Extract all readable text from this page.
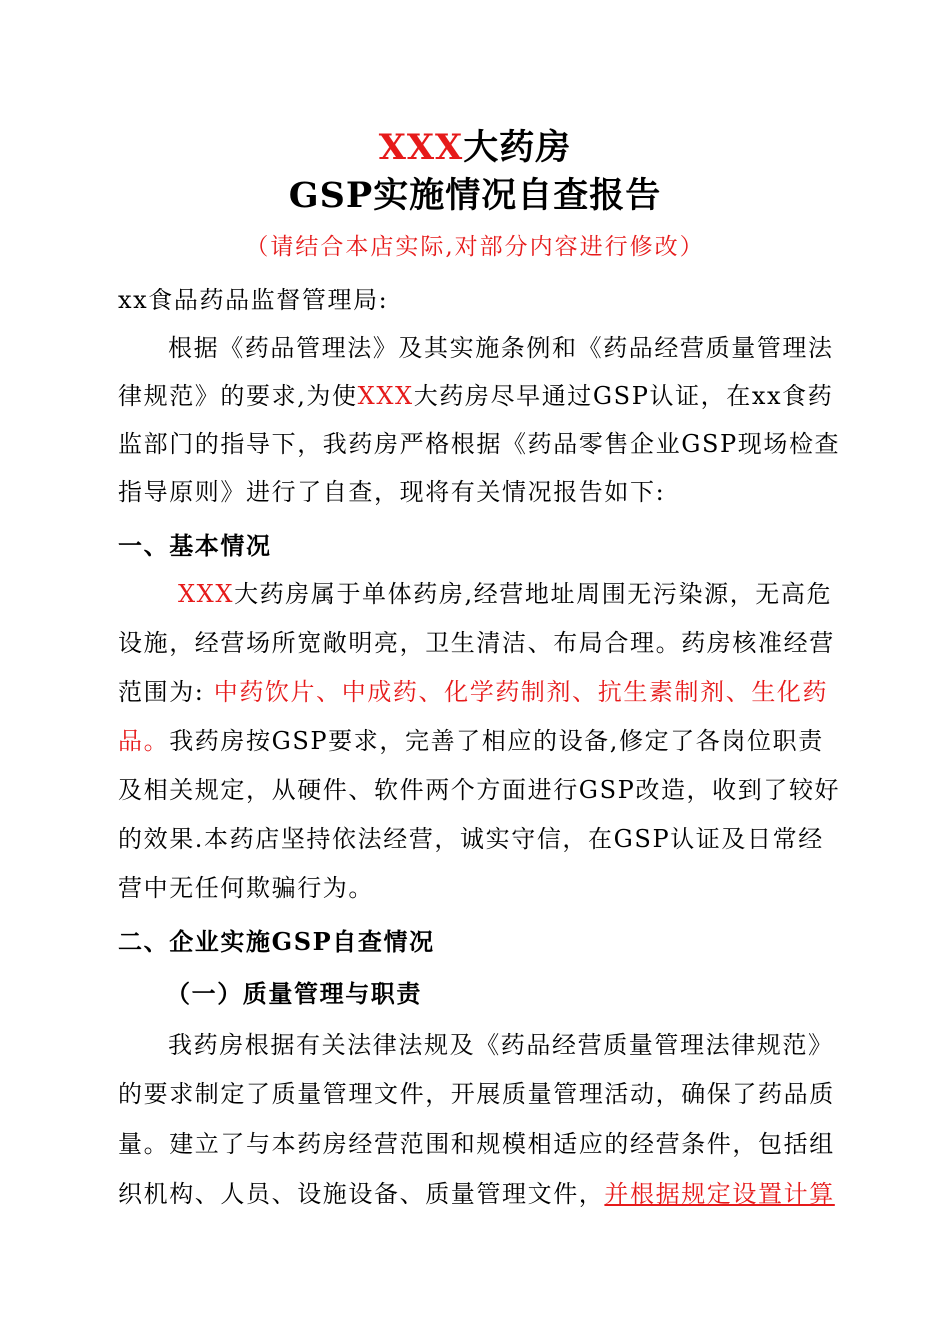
XXX大药房
GSP实施情况自查报告
（请结合本店实际,对部分内容进行修改）
xx食品药品监督管理局:
根据《药品管理法》及其实施条例和《药品经营质量管理法
律规范》的要求,为使XXX大药房尽早通过GSP认证，在xx食药
监部门的指导下，我药房严格根据《药品零售企业GSP现场检查
指导原则》进行了自查，现将有关情况报告如下:
一、基本情况
XXX大药房属于单体药房,经营地址周围无污染源，无高危
设施，经营场所宽敞明亮，卫生清洁、布局合理。药房核准经营
范围为: 中药饮片、中成药、化学药制剂、抗生素制剂、生化药
品。我药房按GSP要求，完善了相应的设备,修定了各岗位职责
及相关规定，从硬件、软件两个方面进行GSP改造，收到了较好
的效果.本药店坚持依法经营，诚实守信，在GSP认证及日常经
营中无任何欺骗行为。
二、企业实施GSP自查情况
（一）质量管理与职责
我药房根据有关法律法规及《药品经营质量管理法律规范》
的要求制定了质量管理文件，开展质量管理活动，确保了药品质
量。建立了与本药房经营范围和规模相适应的经营条件，包括组
织机构、人员、设施设备、质量管理文件，并根据规定设置计算
